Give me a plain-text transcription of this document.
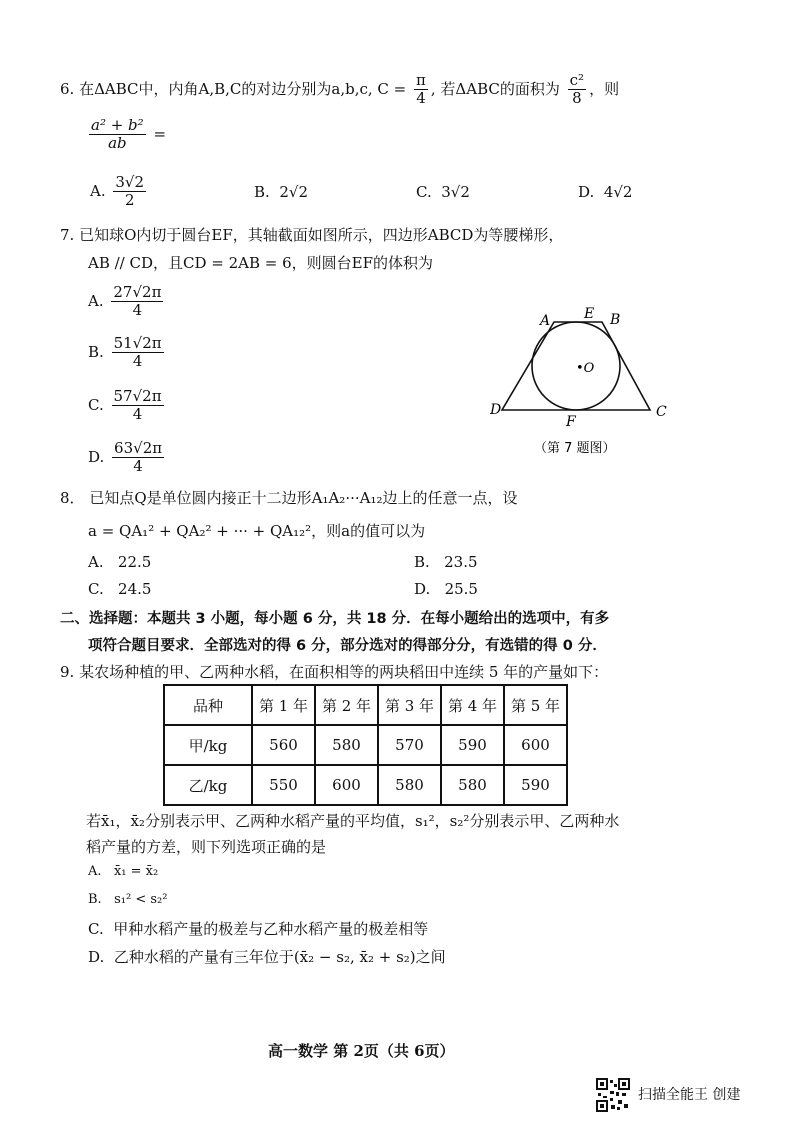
6. 在ΔABC中，内角A,B,C的对边分别为a,b,c, $C = \frac{\pi}{4}$ , 若ΔABC的面积为 $\frac{\text{c²}}{8}$ ，则
$\frac{\text{a² + b²}}{ab}$ =
A. $\frac{3√2}{2}$	B. 2√2	C. 3√2	D. 4√2
7. 已知球O内切于圆台EF，其轴截面如图所示，四边形ABCD为等腰梯形，
AB // CD，且CD = 2AB = 6，则圆台EF的体积为
A. $\frac{27√2\pi}{4}$
B. $\frac{51√2\pi}{4}$
C. $\frac{57√2\pi}{4}$
D. $\frac{63√2\pi}{4}$
A E B
•O
D
F
C
（第 7 题图）
8． 已知点Q是单位圆内接正十二边形A₁A₂···A₁₂边上的任意一点，设
a = QA₁² + QA₂² + ··· + QA₁₂²，则a的值可以为
A. 22.5	B. 23.5
C. 24.5	D. 25.5
二、选择题：本题共 3 小题，每小题 6 分，共 18 分．在每小题给出的选项中，有多
项符合题目要求．全部选对的得 6 分，部分选对的得部分分，有选错的得 0 分．
9. 某农场种植的甲、乙两种水稻，在面积相等的两块稻田中连续 5 年的产量如下：
品种	第 1 年	第 2 年	第 3 年	第 4 年	第 5 年
甲/kg	560	580	570	590	600
乙/kg	550	600	580	580	590
若x̄₁，x̄₂分别表示甲、乙两种水稻产量的平均值，s₁²，s₂²分别表示甲、乙两种水
稻产量的方差，则下列选项正确的是
A. x̄₁ = x̄₂
B. s₁² < s₂²
C. 甲种水稻产量的极差与乙种水稻产量的极差相等
D. 乙种水稻的产量有三年位于(x̄₂ − s₂, x̄₂ + s₂)之间
高一数学 第 2页（共 6页）
扫描全能王 创建
